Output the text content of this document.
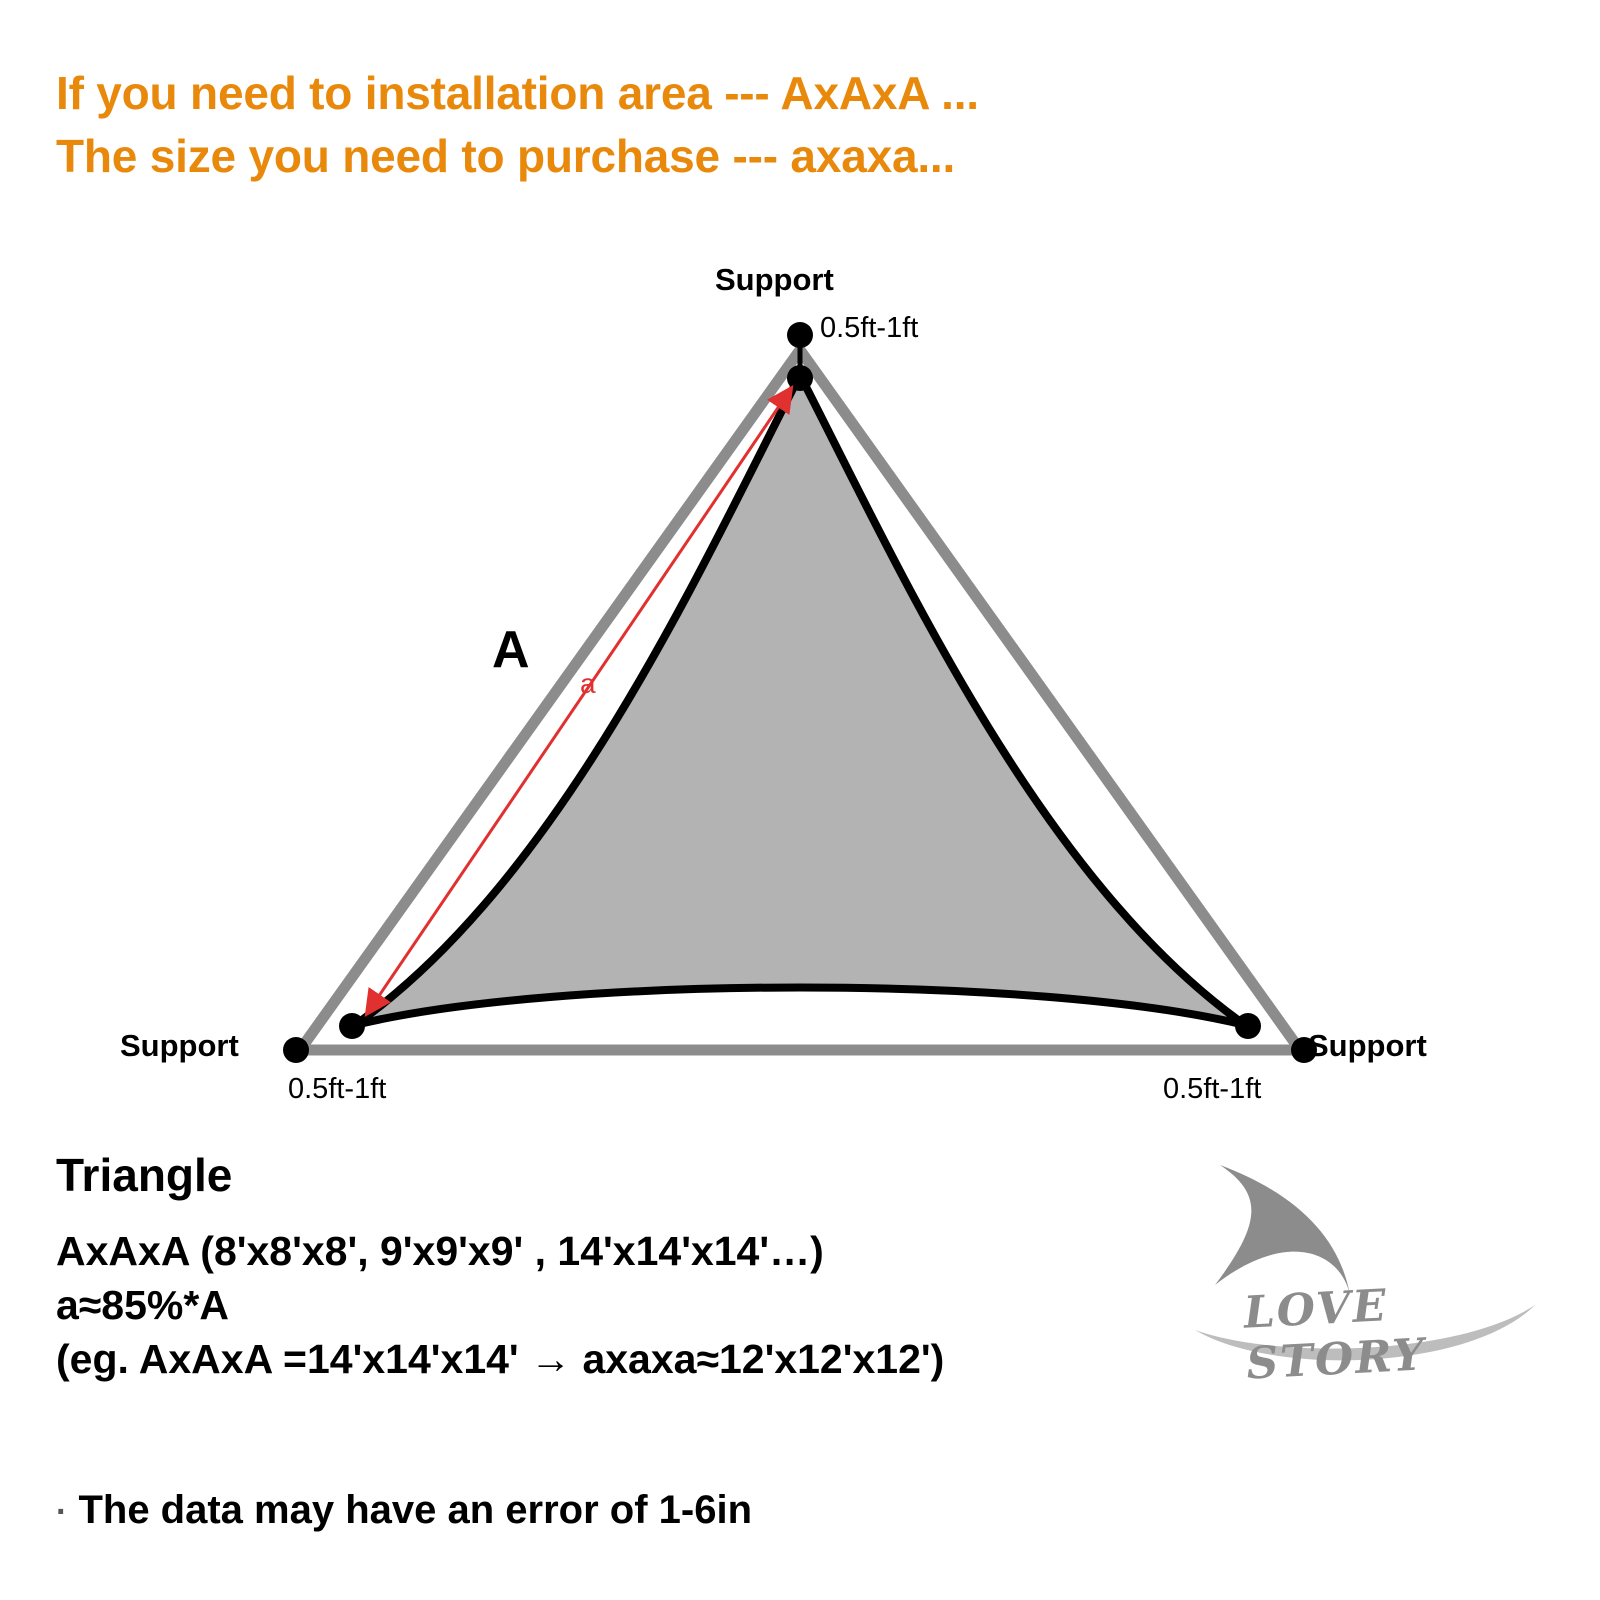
If you need to installation area --- AxAxA ...
The size you need to purchase --- axaxa...
Support
0.5ft-1ft
Support
0.5ft-1ft
Support
0.5ft-1ft
A
a
Triangle
AxAxA (8'x8'x8', 9'x9'x9' , 14'x14'x14'…)
a≈85%*A
(eg. AxAxA =14'x14'x14' → axaxa≈12'x12'x12')
· The data may have an error of 1-6in
LOVE STORY
